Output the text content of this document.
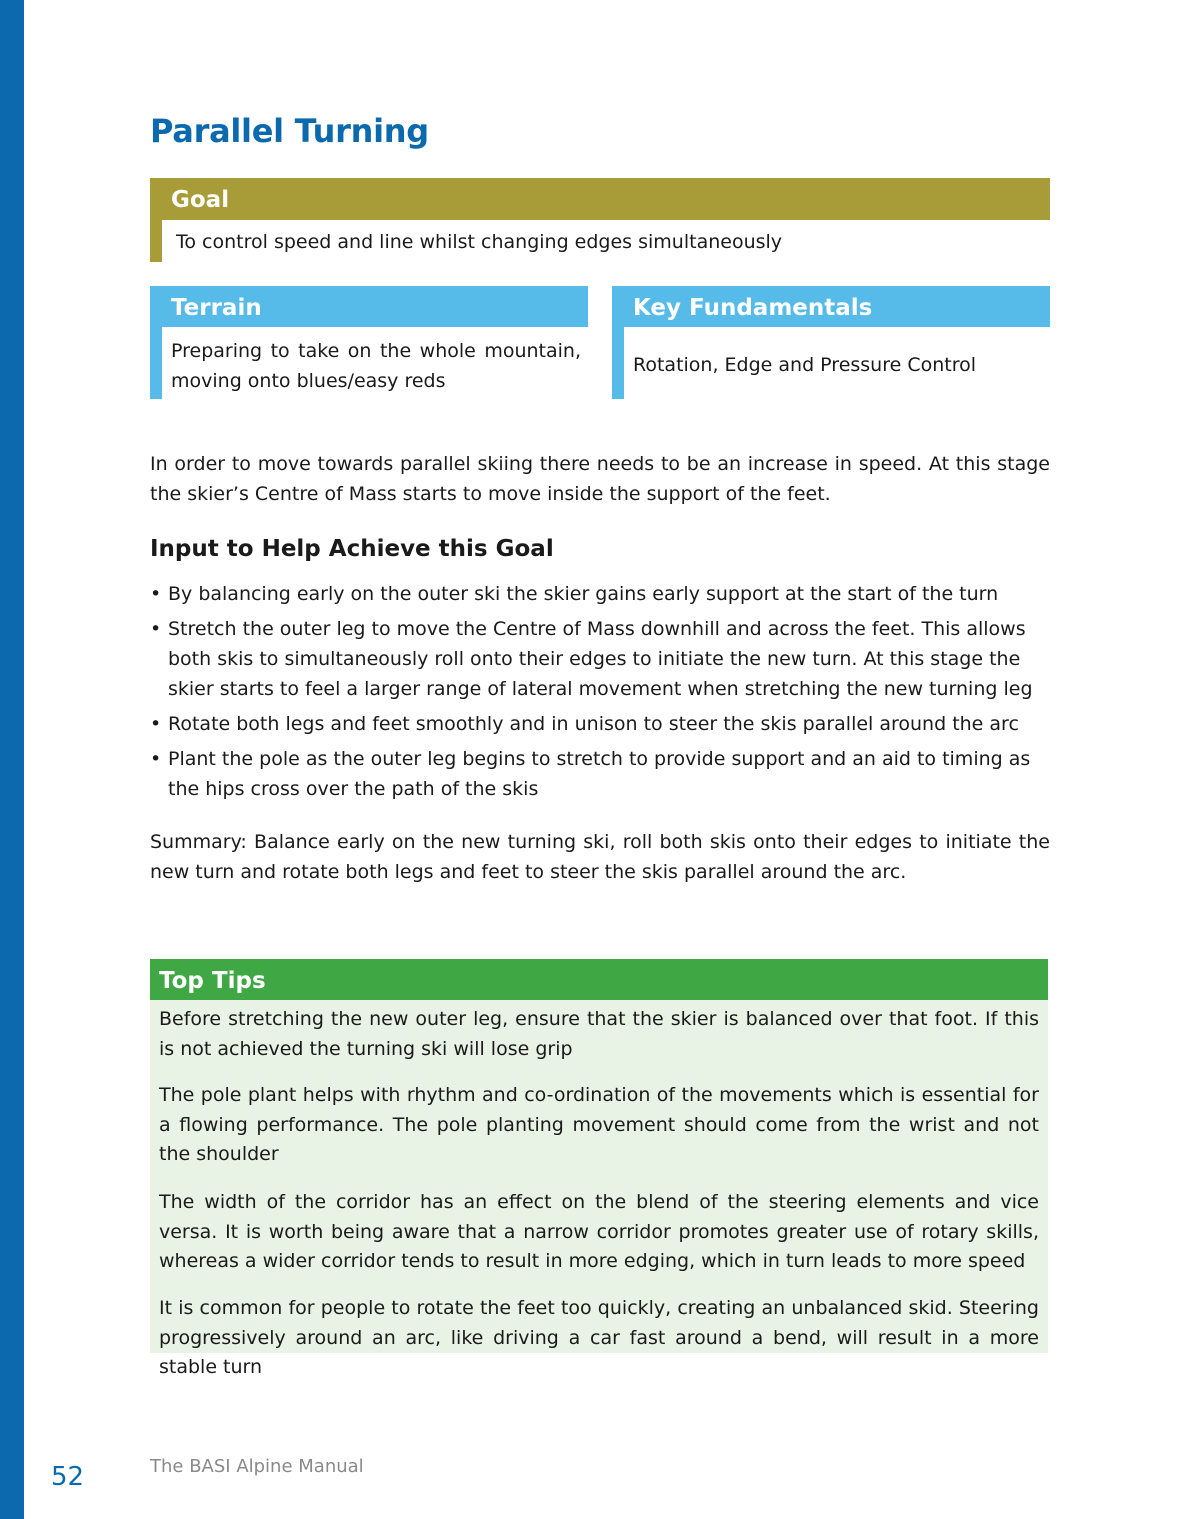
Parallel Turning
Goal
To control speed and line whilst changing edges simultaneously
Terrain
Preparing to take on the whole mountain,
moving onto blues/easy reds
Key Fundamentals
Rotation, Edge and Pressure Control

In order to move towards parallel skiing there needs to be an increase in speed. At this stage the skier’s Centre of Mass starts to move inside the support of the feet.

Input to Help Achieve this Goal
• By balancing early on the outer ski the skier gains early support at the start of the turn
• Stretch the outer leg to move the Centre of Mass downhill and across the feet. This allows both skis to simultaneously roll onto their edges to initiate the new turn. At this stage the skier starts to feel a larger range of lateral movement when stretching the new turning leg
• Rotate both legs and feet smoothly and in unison to steer the skis parallel around the arc
• Plant the pole as the outer leg begins to stretch to provide support and an aid to timing as the hips cross over the path of the skis

Summary: Balance early on the new turning ski, roll both skis onto their edges to initiate the new turn and rotate both legs and feet to steer the skis parallel around the arc.

Top Tips

Before stretching the new outer leg, ensure that the skier is balanced over that foot. If this is not achieved the turning ski will lose grip

The pole plant helps with rhythm and co-ordination of the movements which is essential for a flowing performance. The pole planting movement should come from the wrist and not the shoulder

The width of the corridor has an effect on the blend of the steering elements and vice versa. It is worth being aware that a narrow corridor promotes greater use of rotary skills, whereas a wider corridor tends to result in more edging, which in turn leads to more speed

It is common for people to rotate the feet too quickly, creating an unbalanced skid. Steering progressively around an arc, like driving a car fast around a bend, will result in a more stable turn

The BASI Alpine Manual
52
